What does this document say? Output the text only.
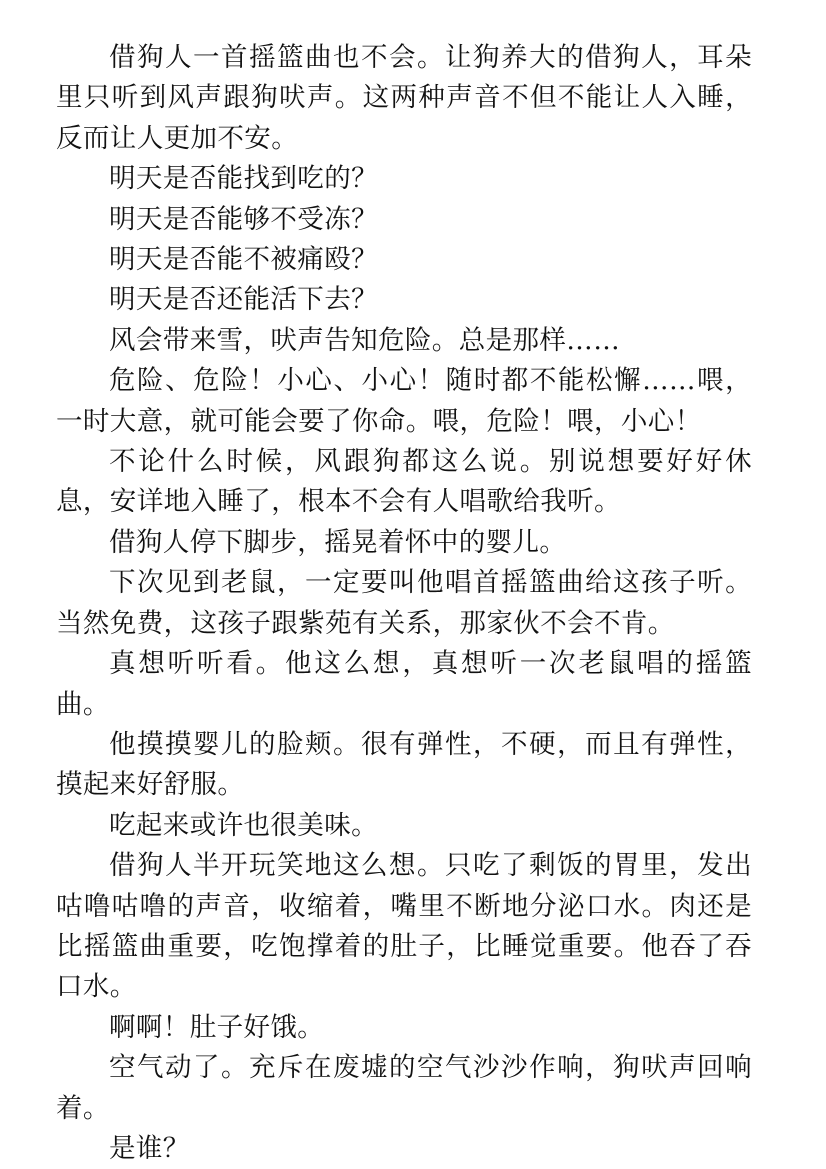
借狗人一首摇篮曲也不会。让狗养大的借狗人，耳朵里只听到风声跟狗吠声。这两种声音不但不能让人入睡，反而让人更加不安。

明天是否能找到吃的？

明天是否能够不受冻？

明天是否能不被痛殴？

明天是否还能活下去？

风会带来雪，吠声告知危险。总是那样……

危险、危险！小心、小心！随时都不能松懈……喂，一时大意，就可能会要了你命。喂，危险！喂，小心！

不论什么时候，风跟狗都这么说。别说想要好好休息，安详地入睡了，根本不会有人唱歌给我听。

借狗人停下脚步，摇晃着怀中的婴儿。

下次见到老鼠，一定要叫他唱首摇篮曲给这孩子听。当然免费，这孩子跟紫苑有关系，那家伙不会不肯。

真想听听看。他这么想，真想听一次老鼠唱的摇篮曲。

他摸摸婴儿的脸颊。很有弹性，不硬，而且有弹性，摸起来好舒服。

吃起来或许也很美味。

借狗人半开玩笑地这么想。只吃了剩饭的胃里，发出咕噜咕噜的声音，收缩着，嘴里不断地分泌口水。肉还是比摇篮曲重要，吃饱撑着的肚子，比睡觉重要。他吞了吞口水。

啊啊！肚子好饿。

空气动了。充斥在废墟的空气沙沙作响，狗吠声回响着。

是谁？
